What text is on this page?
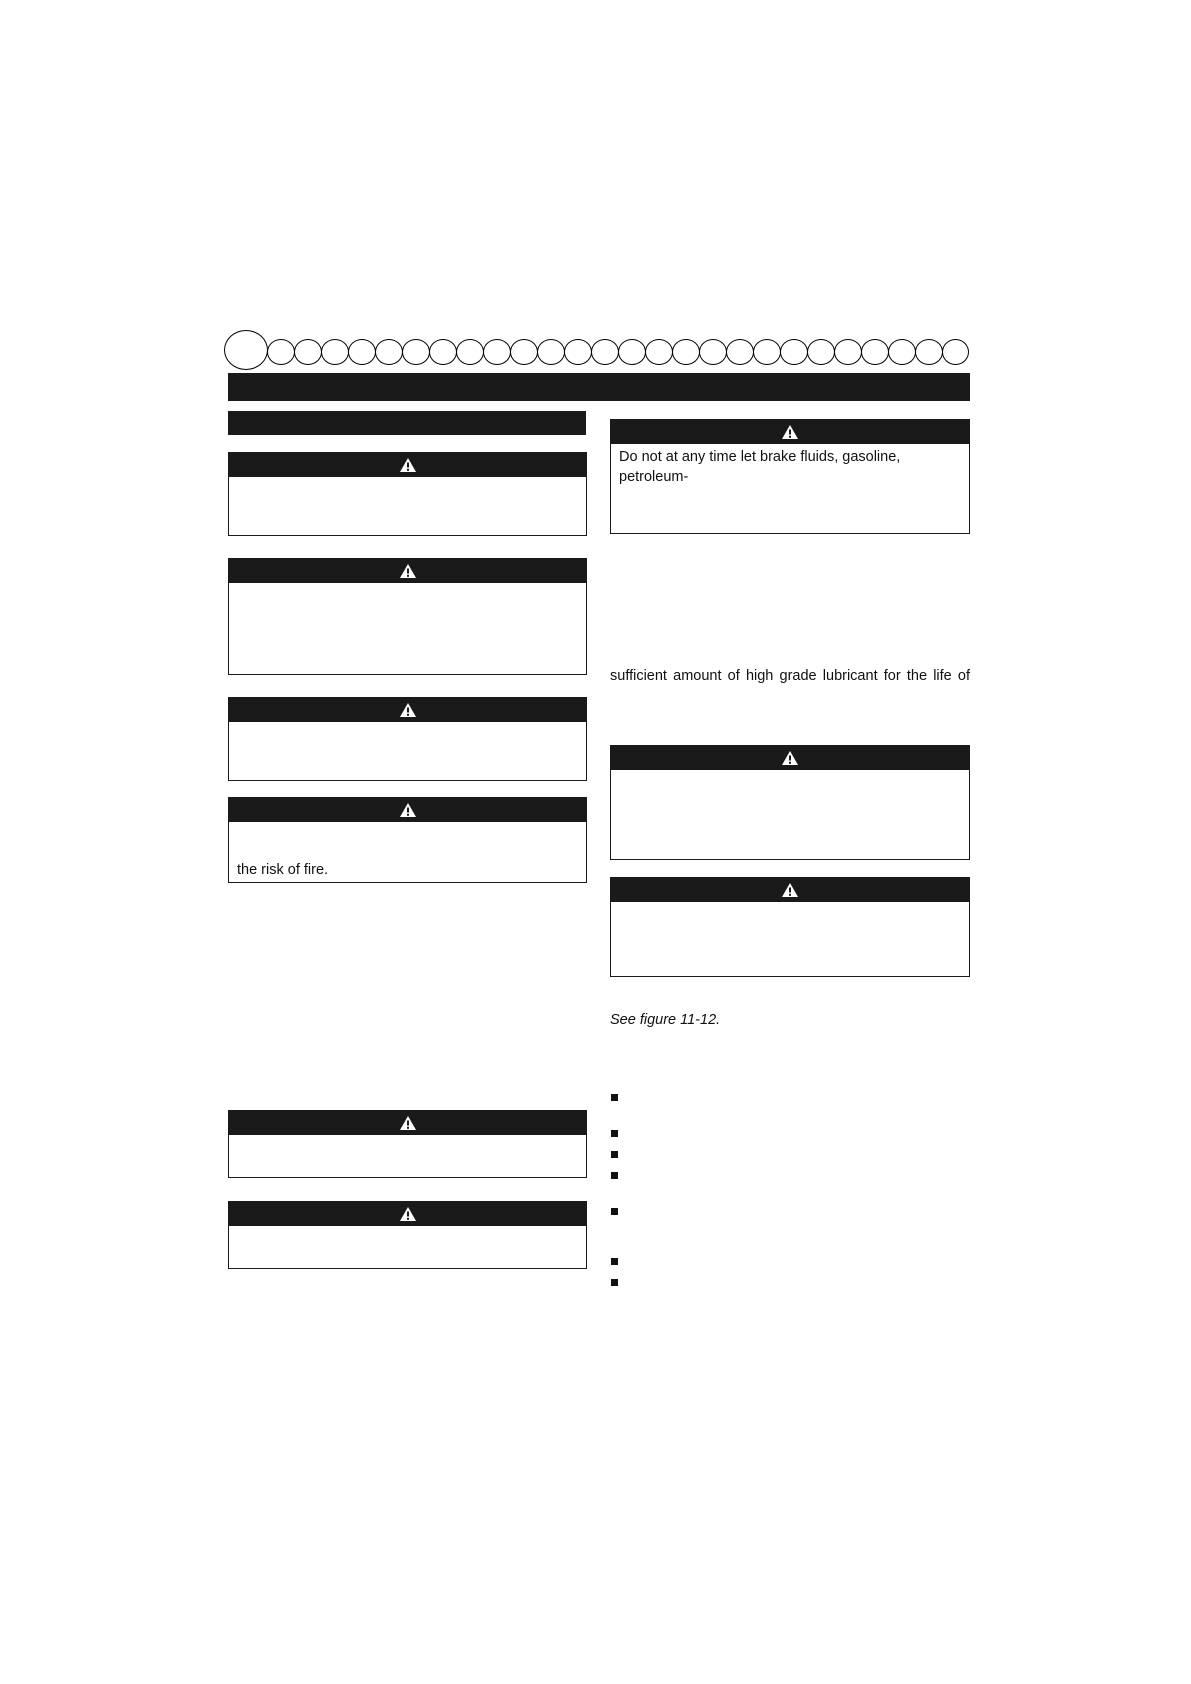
the risk of fire.
Do not at any time let brake fluids, gasoline, petroleum-
sufficient amount of high grade lubricant for the life of
See figure 11-12.
